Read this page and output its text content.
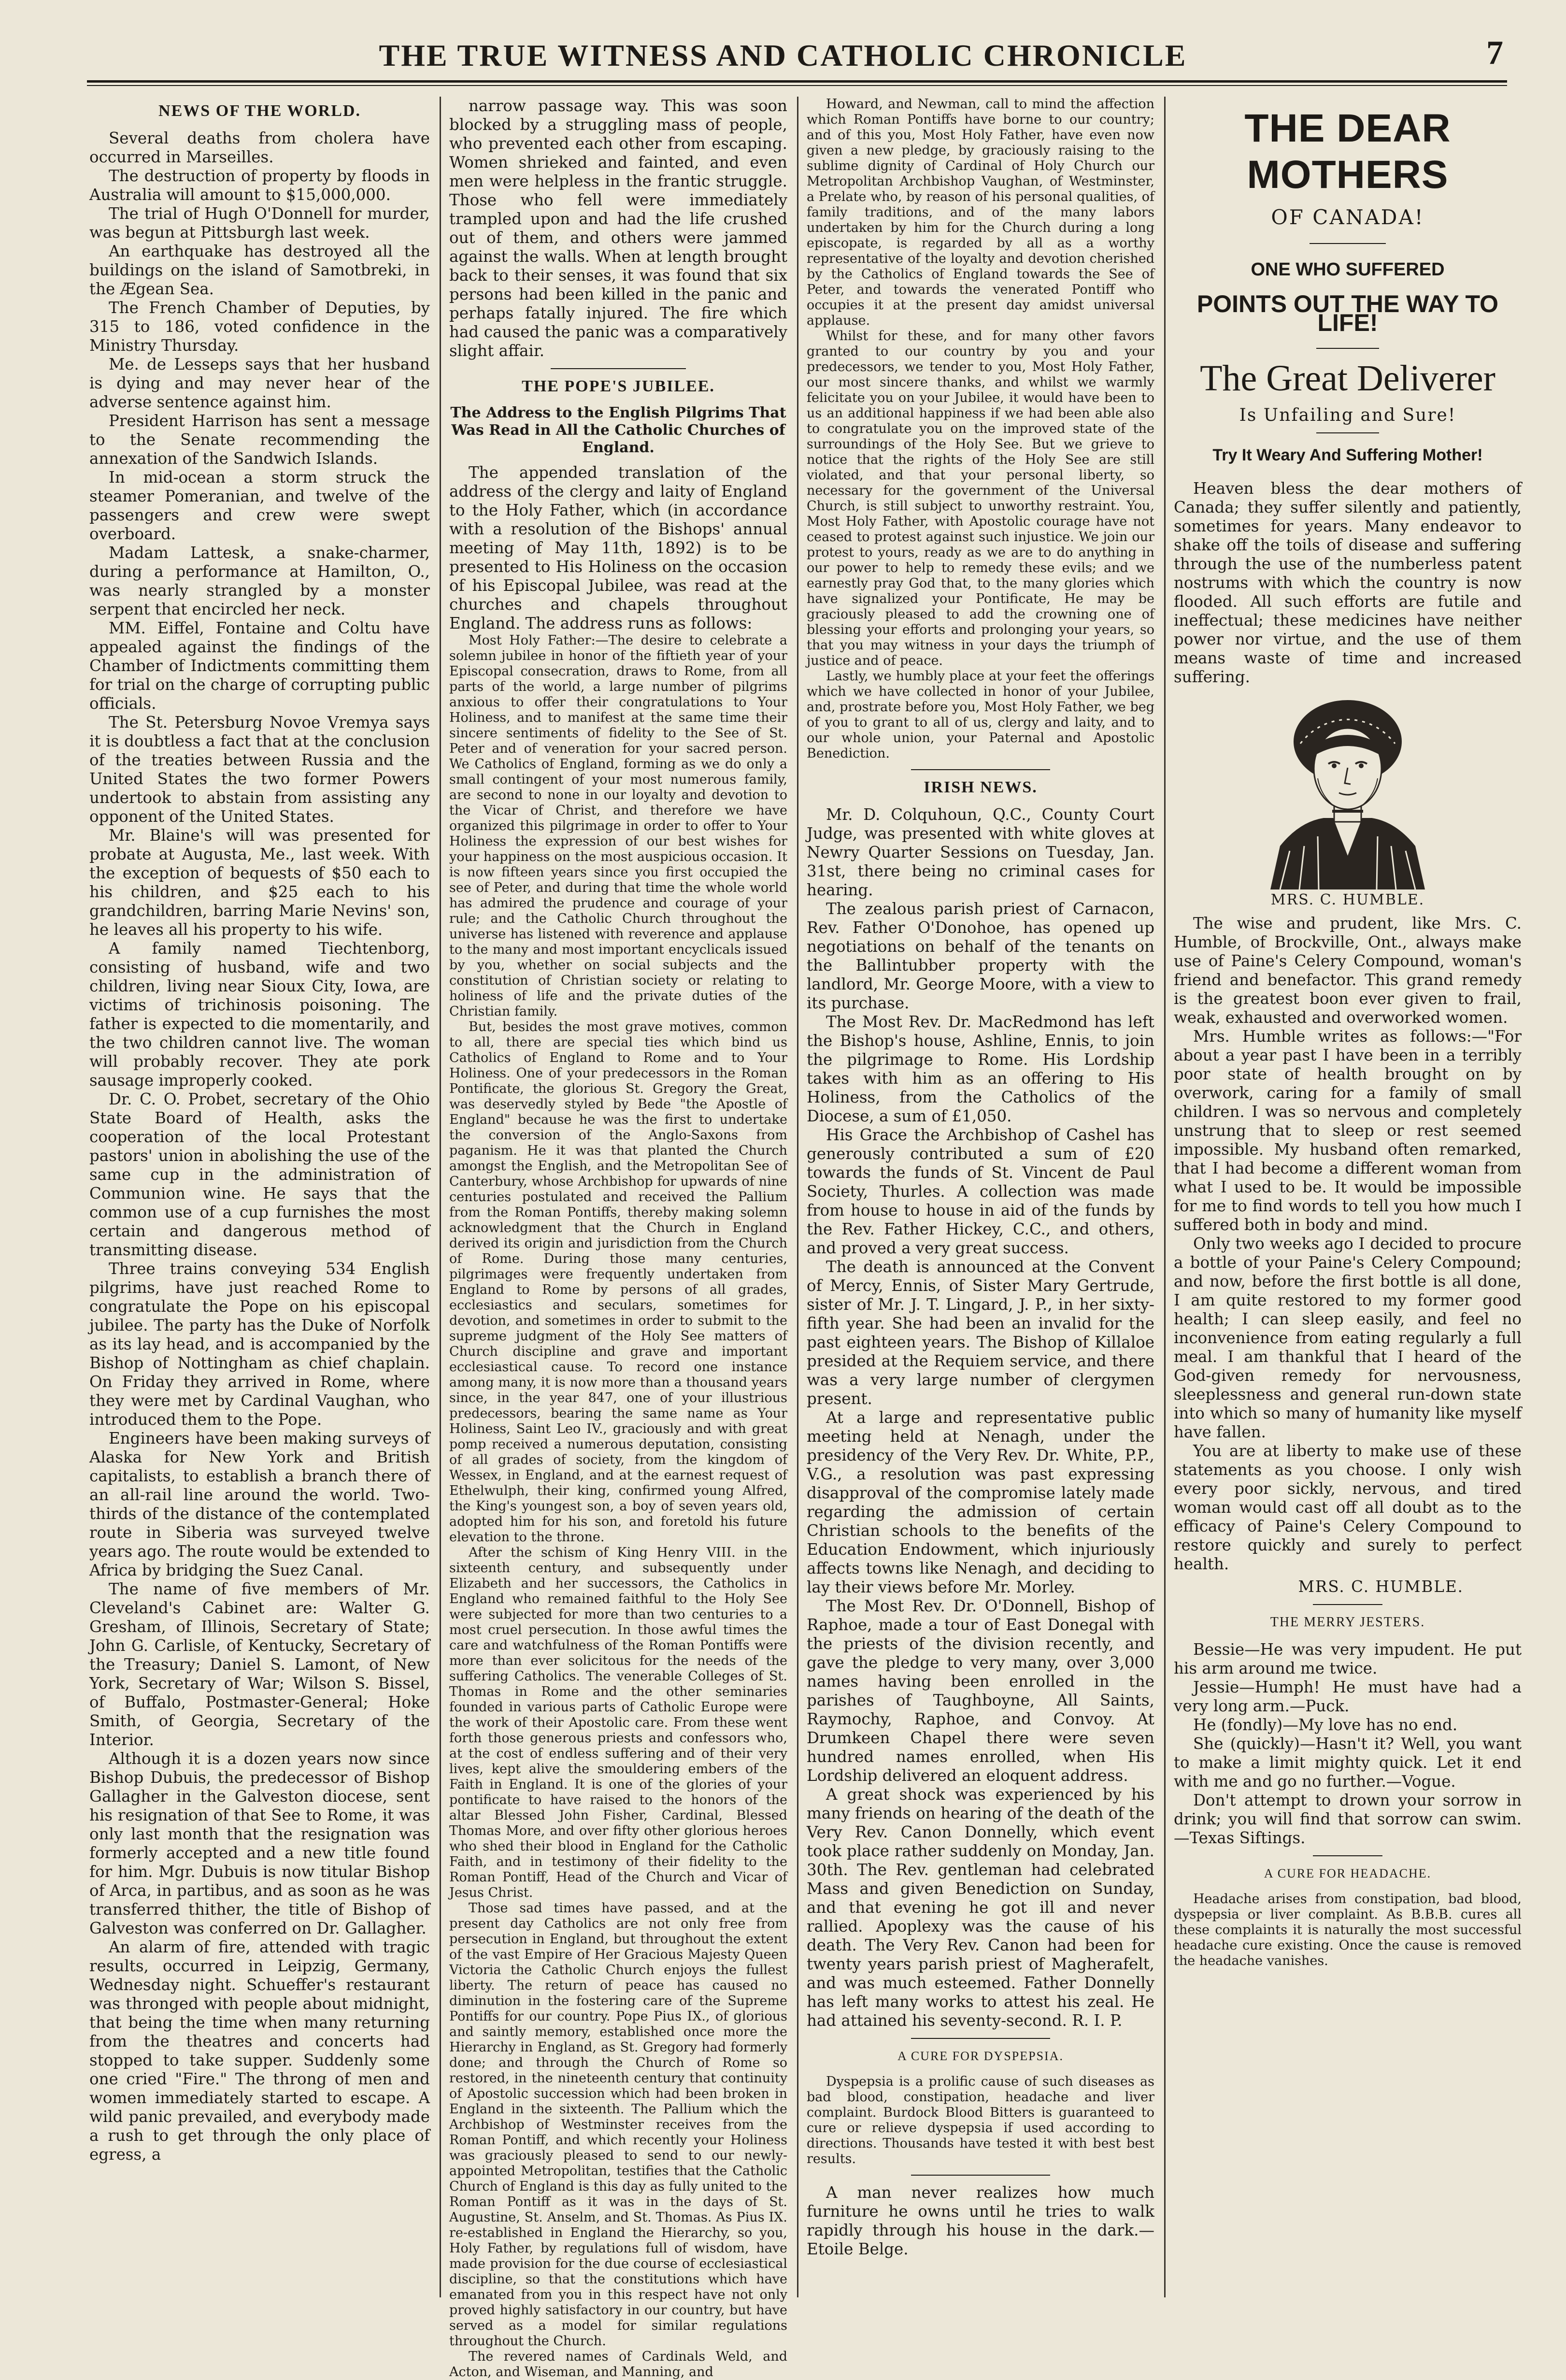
THE TRUE WITNESS AND CATHOLIC CHRONICLE	7
NEWS OF THE WORLD.

Several deaths from cholera have occurred in Marseilles.

The destruction of property by floods in Australia will amount to $15,000,000.

The trial of Hugh O'Donnell for murder, was begun at Pittsburgh last week.

An earthquake has destroyed all the buildings on the island of Samotbreki, in the Ægean Sea.

The French Chamber of Deputies, by 315 to 186, voted confidence in the Ministry Thursday.

Me. de Lesseps says that her husband is dying and may never hear of the adverse sentence against him.

President Harrison has sent a message to the Senate recommending the annexation of the Sandwich Islands.

In mid-ocean a storm struck the steamer Pomeranian, and twelve of the passengers and crew were swept overboard.

Madam Lattesk, a snake-charmer, during a performance at Hamilton, O., was nearly strangled by a monster serpent that encircled her neck.

MM. Eiffel, Fontaine and Coltu have appealed against the findings of the Chamber of Indictments committing them for trial on the charge of corrupting public officials.

The St. Petersburg Novoe Vremya says it is doubtless a fact that at the conclusion of the treaties between Russia and the United States the two former Powers undertook to abstain from assisting any opponent of the United States.

Mr. Blaine's will was presented for probate at Augusta, Me., last week. With the exception of bequests of $50 each to his children, and $25 each to his grandchildren, barring Marie Nevins' son, he leaves all his property to his wife.

A family named Tiechtenborg, consisting of husband, wife and two children, living near Sioux City, Iowa, are victims of trichinosis poisoning. The father is expected to die momentarily, and the two children cannot live. The woman will probably recover. They ate pork sausage improperly cooked.

Dr. C. O. Probet, secretary of the Ohio State Board of Health, asks the cooperation of the local Protestant pastors' union in abolishing the use of the same cup in the administration of Communion wine. He says that the common use of a cup furnishes the most certain and dangerous method of transmitting disease.

Three trains conveying 534 English pilgrims, have just reached Rome to congratulate the Pope on his episcopal jubilee. The party has the Duke of Norfolk as its lay head, and is accompanied by the Bishop of Nottingham as chief chaplain. On Friday they arrived in Rome, where they were met by Cardinal Vaughan, who introduced them to the Pope.

Engineers have been making surveys of Alaska for New York and British capitalists, to establish a branch there of an all-rail line around the world. Two-thirds of the distance of the contemplated route in Siberia was surveyed twelve years ago. The route would be extended to Africa by bridging the Suez Canal.

The name of five members of Mr. Cleveland's Cabinet are: Walter G. Gresham, of Illinois, Secretary of State; John G. Carlisle, of Kentucky, Secretary of the Treasury; Daniel S. Lamont, of New York, Secretary of War; Wilson S. Bissel, of Buffalo, Postmaster-General; Hoke Smith, of Georgia, Secretary of the Interior.

Although it is a dozen years now since Bishop Dubuis, the predecessor of Bishop Gallagher in the Galveston diocese, sent his resignation of that See to Rome, it was only last month that the resignation was formerly accepted and a new title found for him. Mgr. Dubuis is now titular Bishop of Arca, in partibus, and as soon as he was transferred thither, the title of Bishop of Galveston was conferred on Dr. Gallagher.

An alarm of fire, attended with tragic results, occurred in Leipzig, Germany, Wednesday night. Schueffer's restaurant was thronged with people about midnight, that being the time when many returning from the theatres and concerts had stopped to take supper. Suddenly some one cried "Fire." The throng of men and women immediately started to escape. A wild panic prevailed, and everybody made a rush to get through the only place of egress, a

narrow passage way. This was soon blocked by a struggling mass of people, who prevented each other from escaping. Women shrieked and fainted, and even men were helpless in the frantic struggle. Those who fell were immediately trampled upon and had the life crushed out of them, and others were jammed against the walls. When at length brought back to their senses, it was found that six persons had been killed in the panic and perhaps fatally injured. The fire which had caused the panic was a comparatively slight affair.

THE POPE'S JUBILEE.
The Address to the English Pilgrims That Was Read in All the Catholic Churches of England.

The appended translation of the address of the clergy and laity of England to the Holy Father, which (in accordance with a resolution of the Bishops' annual meeting of May 11th, 1892) is to be presented to His Holiness on the occasion of his Episcopal Jubilee, was read at the churches and chapels throughout England. The address runs as follows:

Most Holy Father:—The desire to celebrate a solemn jubilee in honor of the fiftieth year of your Episcopal consecration, draws to Rome, from all parts of the world, a large number of pilgrims anxious to offer their congratulations to Your Holiness, and to manifest at the same time their sincere sentiments of fidelity to the See of St. Peter and of veneration for your sacred person. We Catholics of England, forming as we do only a small contingent of your most numerous family, are second to none in our loyalty and devotion to the Vicar of Christ, and therefore we have organized this pilgrimage in order to offer to Your Holiness the expression of our best wishes for your happiness on the most auspicious occasion. It is now fifteen years since you first occupied the see of Peter, and during that time the whole world has admired the prudence and courage of your rule; and the Catholic Church throughout the universe has listened with reverence and applause to the many and most important encyclicals issued by you, whether on social subjects and the constitution of Christian society or relating to holiness of life and the private duties of the Christian family.

But, besides the most grave motives, common to all, there are special ties which bind us Catholics of England to Rome and to Your Holiness. One of your predecessors in the Roman Pontificate, the glorious St. Gregory the Great, was deservedly styled by Bede "the Apostle of England" because he was the first to undertake the conversion of the Anglo-Saxons from paganism. He it was that planted the Church amongst the English, and the Metropolitan See of Canterbury, whose Archbishop for upwards of nine centuries postulated and received the Pallium from the Roman Pontiffs, thereby making solemn acknowledgment that the Church in England derived its origin and jurisdiction from the Church of Rome. During those many centuries, pilgrimages were frequently undertaken from England to Rome by persons of all grades, ecclesiastics and seculars, sometimes for devotion, and sometimes in order to submit to the supreme judgment of the Holy See matters of Church discipline and grave and important ecclesiastical cause. To record one instance among many, it is now more than a thousand years since, in the year 847, one of your illustrious predecessors, bearing the same name as Your Holiness, Saint Leo IV., graciously and with great pomp received a numerous deputation, consisting of all grades of society, from the kingdom of Wessex, in England, and at the earnest request of Ethelwulph, their king, confirmed young Alfred, the King's youngest son, a boy of seven years old, adopted him for his son, and foretold his future elevation to the throne.

After the schism of King Henry VIII. in the sixteenth century, and subsequently under Elizabeth and her successors, the Catholics in England who remained faithful to the Holy See were subjected for more than two centuries to a most cruel persecution. In those awful times the care and watchfulness of the Roman Pontiffs were more than ever solicitous for the needs of the suffering Catholics. The venerable Colleges of St. Thomas in Rome and the other seminaries founded in various parts of Catholic Europe were the work of their Apostolic care. From these went forth those generous priests and confessors who, at the cost of endless suffering and of their very lives, kept alive the smouldering embers of the Faith in England. It is one of the glories of your pontificate to have raised to the honors of the altar Blessed John Fisher, Cardinal, Blessed Thomas More, and over fifty other glorious heroes who shed their blood in England for the Catholic Faith, and in testimony of their fidelity to the Roman Pontiff, Head of the Church and Vicar of Jesus Christ.

Those sad times have passed, and at the present day Catholics are not only free from persecution in England, but throughout the extent of the vast Empire of Her Gracious Majesty Queen Victoria the Catholic Church enjoys the fullest liberty. The return of peace has caused no diminution in the fostering care of the Supreme Pontiffs for our country. Pope Pius IX., of glorious and saintly memory, established once more the Hierarchy in England, as St. Gregory had formerly done; and through the Church of Rome so restored, in the nineteenth century that continuity of Apostolic succession which had been broken in England in the sixteenth. The Pallium which the Archbishop of Westminster receives from the Roman Pontiff, and which recently your Holiness was graciously pleased to send to our newly-appointed Metropolitan, testifies that the Catholic Church of England is this day as fully united to the Roman Pontiff as it was in the days of St. Augustine, St. Anselm, and St. Thomas. As Pius IX. re-established in England the Hierarchy, so you, Holy Father, by regulations full of wisdom, have made provision for the due course of ecclesiastical discipline, so that the constitutions which have emanated from you in this respect have not only proved highly satisfactory in our country, but have served as a model for similar regulations throughout the Church.

The revered names of Cardinals Weld, and Acton, and Wiseman, and Manning, and

Howard, and Newman, call to mind the affection which Roman Pontiffs have borne to our country; and of this you, Most Holy Father, have even now given a new pledge, by graciously raising to the sublime dignity of Cardinal of Holy Church our Metropolitan Archbishop Vaughan, of Westminster, a Prelate who, by reason of his personal qualities, of family traditions, and of the many labors undertaken by him for the Church during a long episcopate, is regarded by all as a worthy representative of the loyalty and devotion cherished by the Catholics of England towards the See of Peter, and towards the venerated Pontiff who occupies it at the present day amidst universal applause.

Whilst for these, and for many other favors granted to our country by you and your predecessors, we tender to you, Most Holy Father, our most sincere thanks, and whilst we warmly felicitate you on your Jubilee, it would have been to us an additional happiness if we had been able also to congratulate you on the improved state of the surroundings of the Holy See. But we grieve to notice that the rights of the Holy See are still violated, and that your personal liberty, so necessary for the government of the Universal Church, is still subject to unworthy restraint. You, Most Holy Father, with Apostolic courage have not ceased to protest against such injustice. We join our protest to yours, ready as we are to do anything in our power to help to remedy these evils; and we earnestly pray God that, to the many glories which have signalized your Pontificate, He may be graciously pleased to add the crowning one of blessing your efforts and prolonging your years, so that you may witness in your days the triumph of justice and of peace.

Lastly, we humbly place at your feet the offerings which we have collected in honor of your Jubilee, and, prostrate before you, Most Holy Father, we beg of you to grant to all of us, clergy and laity, and to our whole union, your Paternal and Apostolic Benediction.

IRISH NEWS.

Mr. D. Colquhoun, Q.C., County Court Judge, was presented with white gloves at Newry Quarter Sessions on Tuesday, Jan. 31st, there being no criminal cases for hearing.

The zealous parish priest of Carnacon, Rev. Father O'Donohoe, has opened up negotiations on behalf of the tenants on the Ballintubber property with the landlord, Mr. George Moore, with a view to its purchase.

The Most Rev. Dr. MacRedmond has left the Bishop's house, Ashline, Ennis, to join the pilgrimage to Rome. His Lordship takes with him as an offering to His Holiness, from the Catholics of the Diocese, a sum of £1,050.

His Grace the Archbishop of Cashel has generously contributed a sum of £20 towards the funds of St. Vincent de Paul Society, Thurles. A collection was made from house to house in aid of the funds by the Rev. Father Hickey, C.C., and others, and proved a very great success.

The death is announced at the Convent of Mercy, Ennis, of Sister Mary Gertrude, sister of Mr. J. T. Lingard, J. P., in her sixty-fifth year. She had been an invalid for the past eighteen years. The Bishop of Killaloe presided at the Requiem service, and there was a very large number of clergymen present.

At a large and representative public meeting held at Nenagh, under the presidency of the Very Rev. Dr. White, P.P., V.G., a resolution was past expressing disapproval of the compromise lately made regarding the admission of certain Christian schools to the benefits of the Education Endowment, which injuriously affects towns like Nenagh, and deciding to lay their views before Mr. Morley.

The Most Rev. Dr. O'Donnell, Bishop of Raphoe, made a tour of East Donegal with the priests of the division recently, and gave the pledge to very many, over 3,000 names having been enrolled in the parishes of Taughboyne, All Saints, Raymochy, Raphoe, and Convoy. At Drumkeen Chapel there were seven hundred names enrolled, when His Lordship delivered an eloquent address.

A great shock was experienced by his many friends on hearing of the death of the Very Rev. Canon Donnelly, which event took place rather suddenly on Monday, Jan. 30th. The Rev. gentleman had celebrated Mass and given Benediction on Sunday, and that evening he got ill and never rallied. Apoplexy was the cause of his death. The Very Rev. Canon had been for twenty years parish priest of Magherafelt, and was much esteemed. Father Donnelly has left many works to attest his zeal. He had attained his seventy-second. R. I. P.

A CURE FOR DYSPEPSIA.

Dyspepsia is a prolific cause of such diseases as bad blood, constipation, headache and liver complaint. Burdock Blood Bitters is guaranteed to cure or relieve dyspepsia if used according to directions. Thousands have tested it with best best results.

A man never realizes how much furniture he owns until he tries to walk rapidly through his house in the dark.—Etoile Belge.

THE DEAR MOTHERS
OF CANADA!
ONE WHO SUFFERED
POINTS OUT THE WAY TO LIFE!
The Great Deliverer
Is Unfailing and Sure!
Try It Weary And Suffering Mother!

Heaven bless the dear mothers of Canada; they suffer silently and patiently, sometimes for years. Many endeavor to shake off the toils of disease and suffering through the use of the numberless patent nostrums with which the country is now flooded. All such efforts are futile and ineffectual; these medicines have neither power nor virtue, and the use of them means waste of time and increased suffering.

MRS. C. HUMBLE.

The wise and prudent, like Mrs. C. Humble, of Brockville, Ont., always make use of Paine's Celery Compound, woman's friend and benefactor. This grand remedy is the greatest boon ever given to frail, weak, exhausted and overworked women.

Mrs. Humble writes as follows:—"For about a year past I have been in a terribly poor state of health brought on by overwork, caring for a family of small children. I was so nervous and completely unstrung that to sleep or rest seemed impossible. My husband often remarked, that I had become a different woman from what I used to be. It would be impossible for me to find words to tell you how much I suffered both in body and mind.

Only two weeks ago I decided to procure a bottle of your Paine's Celery Compound; and now, before the first bottle is all done, I am quite restored to my former good health; I can sleep easily, and feel no inconvenience from eating regularly a full meal. I am thankful that I heard of the God-given remedy for nervousness, sleeplessness and general run-down state into which so many of humanity like myself have fallen.

You are at liberty to make use of these statements as you choose. I only wish every poor sickly, nervous, and tired woman would cast off all doubt as to the efficacy of Paine's Celery Compound to restore quickly and surely to perfect health.

MRS. C. HUMBLE.
THE MERRY JESTERS.

Bessie—He was very impudent. He put his arm around me twice.

Jessie—Humph! He must have had a very long arm.—Puck.

He (fondly)—My love has no end.

She (quickly)—Hasn't it? Well, you want to make a limit mighty quick. Let it end with me and go no further.—Vogue.

Don't attempt to drown your sorrow in drink; you will find that sorrow can swim.—Texas Siftings.

A CURE FOR HEADACHE.

Headache arises from constipation, bad blood, dyspepsia or liver complaint. As B.B.B. cures all these complaints it is naturally the most successful headache cure existing. Once the cause is removed the headache vanishes.
